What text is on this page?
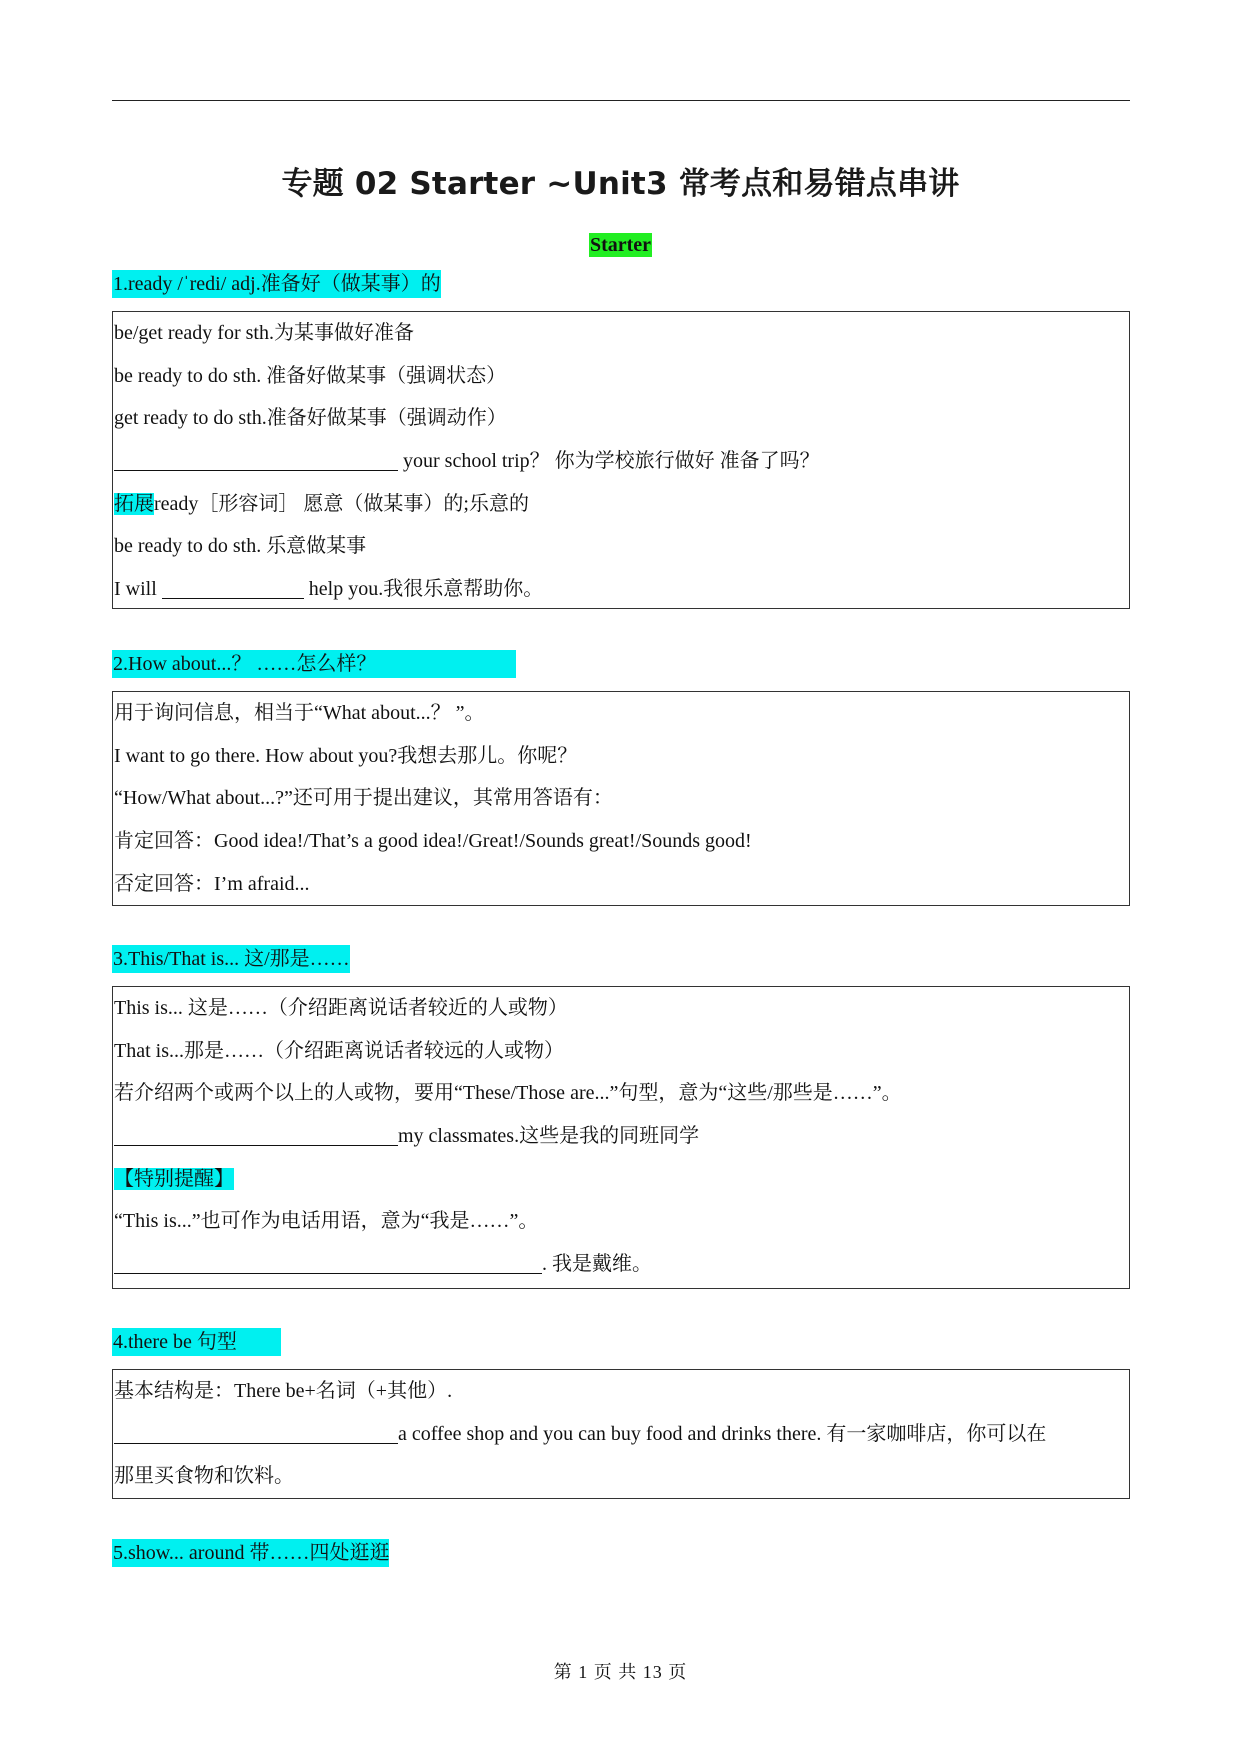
专题 02 Starter ~Unit3 常考点和易错点串讲
Starter
1.ready /ˈredi/ adj.准备好（做某事）的
be/get ready for sth.为某事做好准备
be ready to do sth. 准备好做某事（强调状态）
get ready to do sth.准备好做某事（强调动作）
your school trip？ 你为学校旅行做好 准备了吗？
拓展ready［形容词］ 愿意（做某事）的;乐意的
be ready to do sth. 乐意做某事
I will	help you.我很乐意帮助你。
2.How about...？ ……怎么样？
用于询问信息，相当于“What about...？ ”。
I want to go there. How about you?我想去那儿。你呢？
“How/What about...?”还可用于提出建议，其常用答语有：
肯定回答：Good idea!/That’s a good idea!/Great!/Sounds great!/Sounds good!
否定回答：I’m afraid...
3.This/That is... 这/那是……
This is... 这是……（介绍距离说话者较近的人或物）
That is...那是……（介绍距离说话者较远的人或物）
若介绍两个或两个以上的人或物，要用“These/Those are...”句型，意为“这些/那些是……”。
my classmates.这些是我的同班同学
【特别提醒】
“This is...”也可作为电话用语，意为“我是……”。
. 我是戴维。
4.there be 句型
基本结构是：There be+名词（+其他）.
a coffee shop and you can buy food and drinks there. 有一家咖啡店，你可以在
那里买食物和饮料。
5.show... around 带……四处逛逛
第 1 页 共 13 页
